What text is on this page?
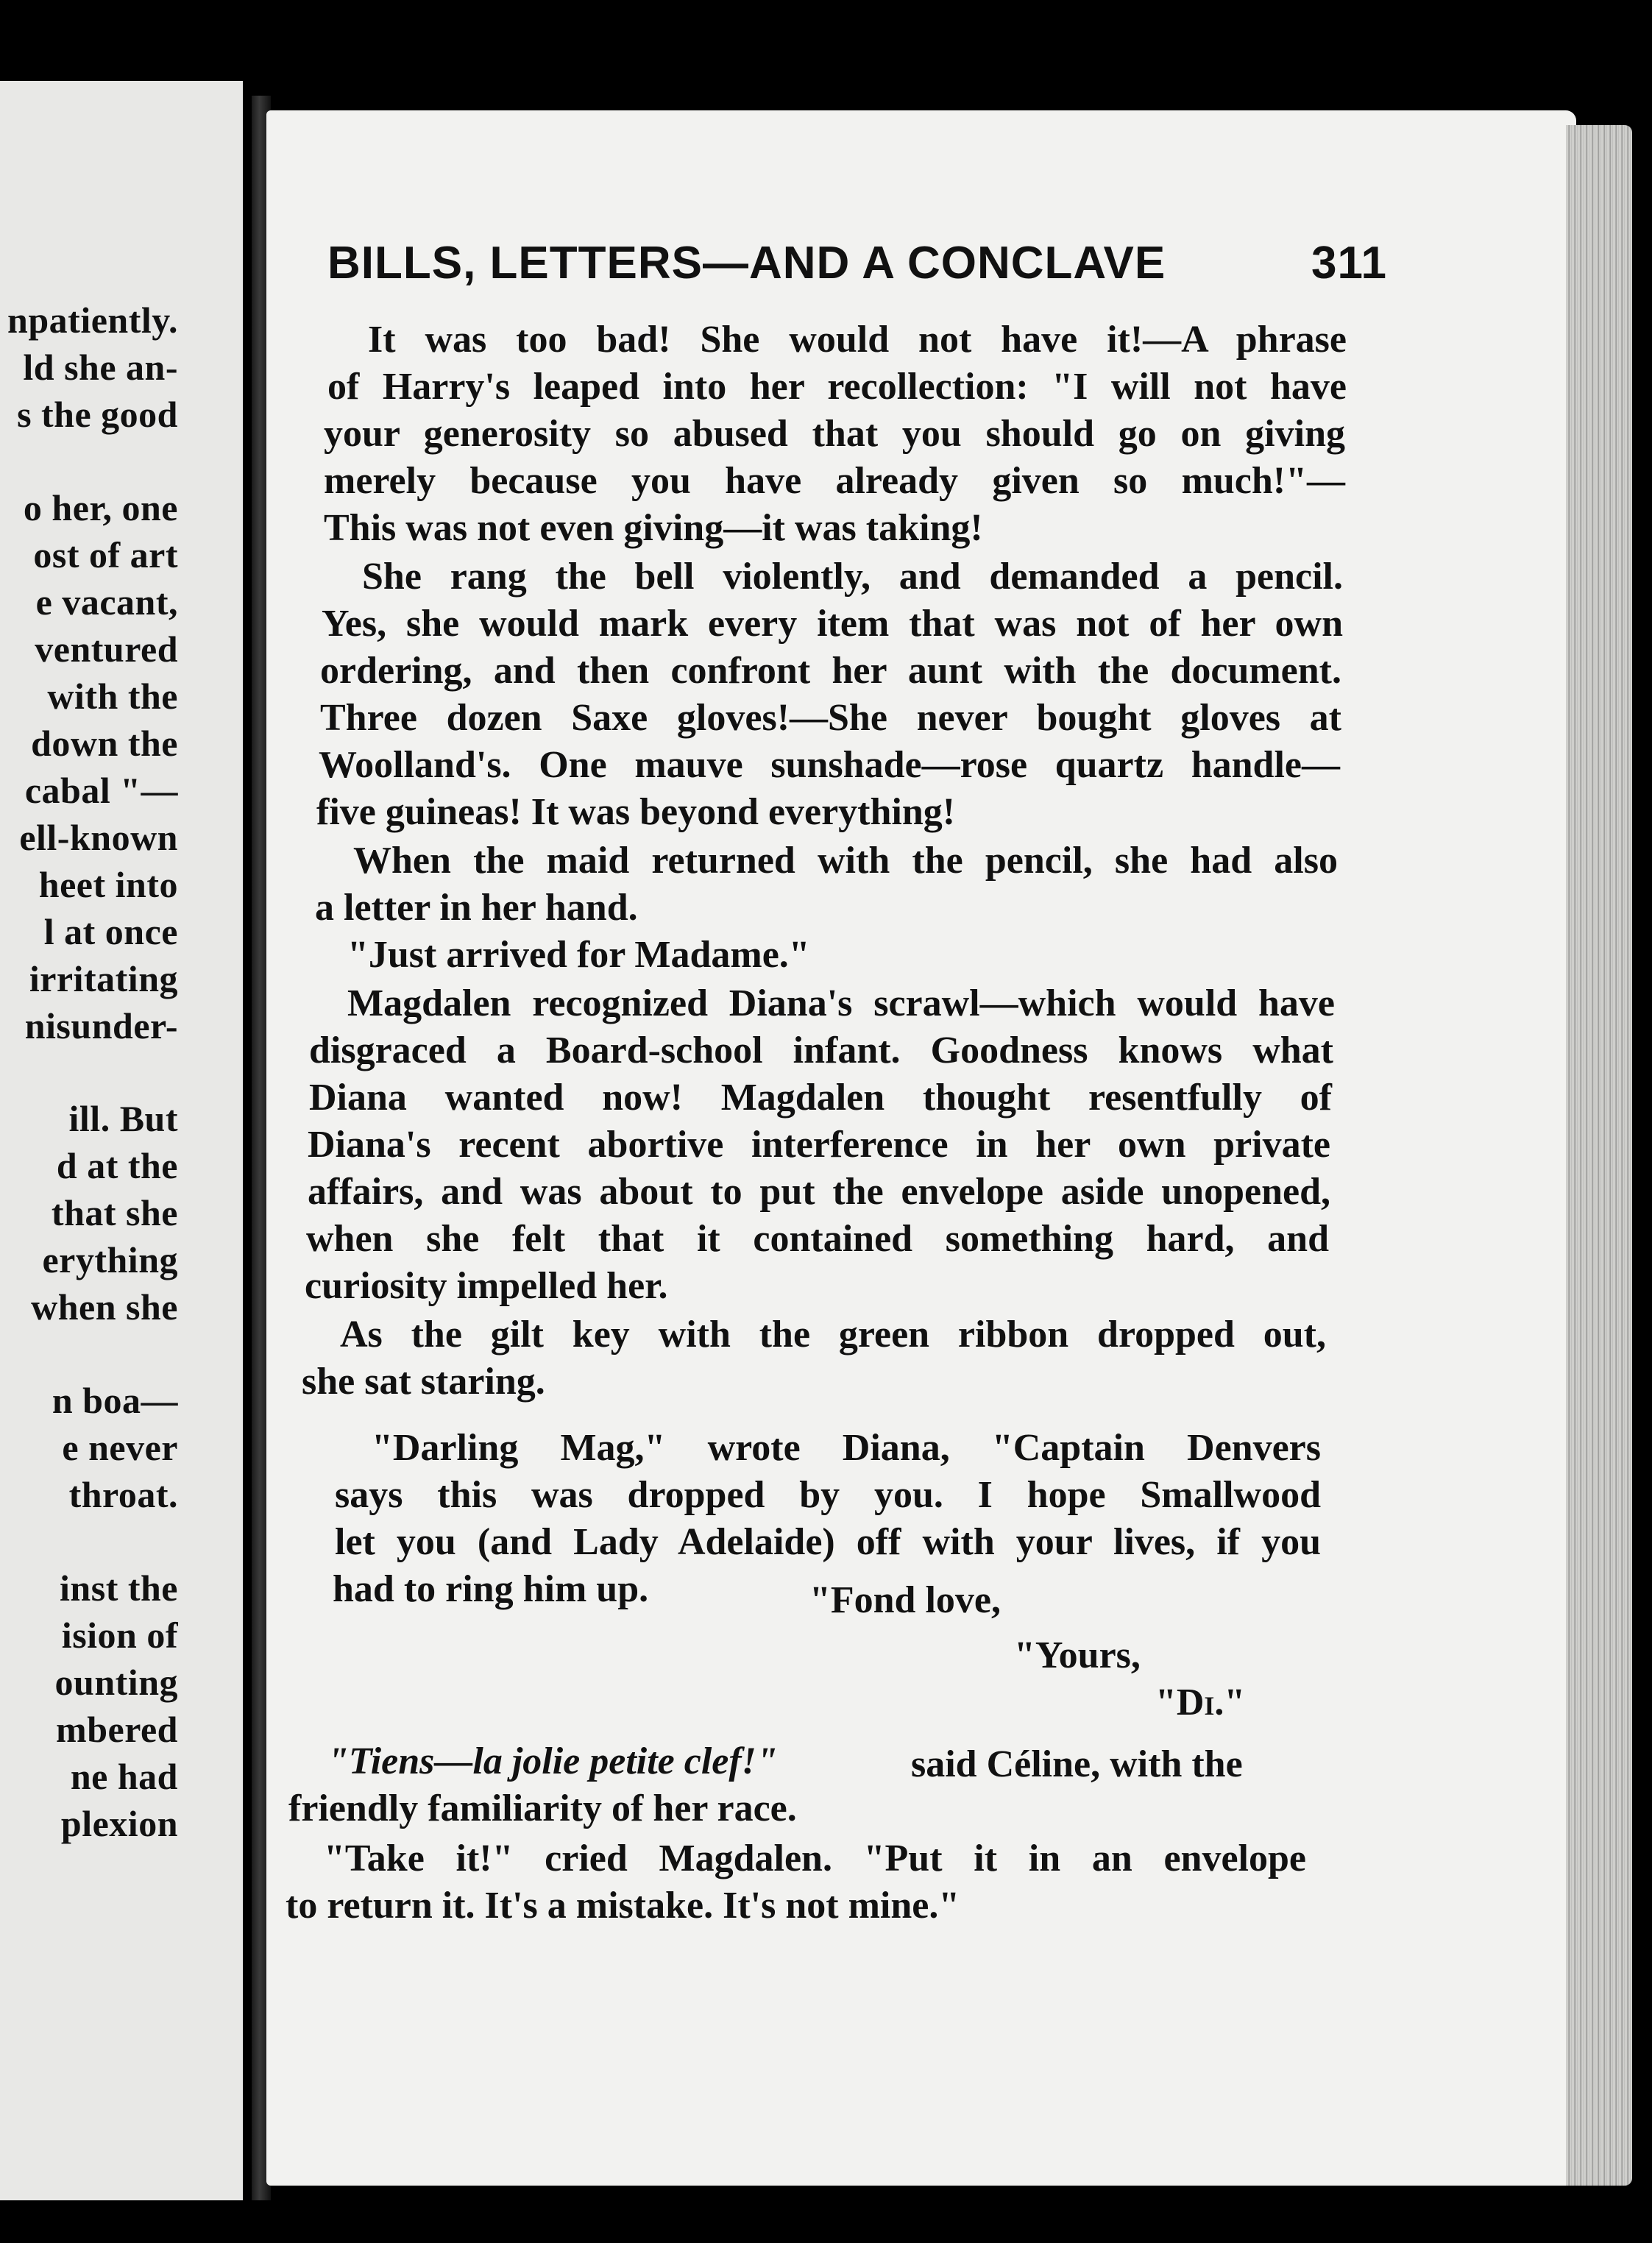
npatiently.
ld she an-
s the good
o her, one
ost of art
e vacant,
ventured
with the
down the
cabal "—
ell-known
heet into
l at once
irritating
nisunder-
ill. But
d at the
that she
erything
when she
n boa—
e never
throat.
inst the
ision of
ounting
mbered
ne had
plexion
BILLS, LETTERS—AND A CONCLAVE	311
It was too bad! She would not have it!—A phrase
of Harry's leaped into her recollection: "I will not have
your generosity so abused that you should go on giving
merely because you have already given so much!"—
This was not even giving—it was taking!
She rang the bell violently, and demanded a pencil.
Yes, she would mark every item that was not of her own
ordering, and then confront her aunt with the document.
Three dozen Saxe gloves!—She never bought gloves at
Woolland's. One mauve sunshade—rose quartz handle—
five guineas! It was beyond everything!
When the maid returned with the pencil, she had also
a letter in her hand.
"Just arrived for Madame."
Magdalen recognized Diana's scrawl—which would have
disgraced a Board-school infant. Goodness knows what
Diana wanted now! Magdalen thought resentfully of
Diana's recent abortive interference in her own private
affairs, and was about to put the envelope aside unopened,
when she felt that it contained something hard, and
curiosity impelled her.
As the gilt key with the green ribbon dropped out,
she sat staring.
"Darling Mag," wrote Diana, "Captain Denvers
says this was dropped by you. I hope Smallwood
let you (and Lady Adelaide) off with your lives, if you
had to ring him up.	"Fond love,
"Yours,
"Di."
"Tiens—la jolie petite clef!"	said Céline, with the
friendly familiarity of her race.
"Take it!" cried Magdalen. "Put it in an envelope
to return it. It's a mistake. It's not mine."
